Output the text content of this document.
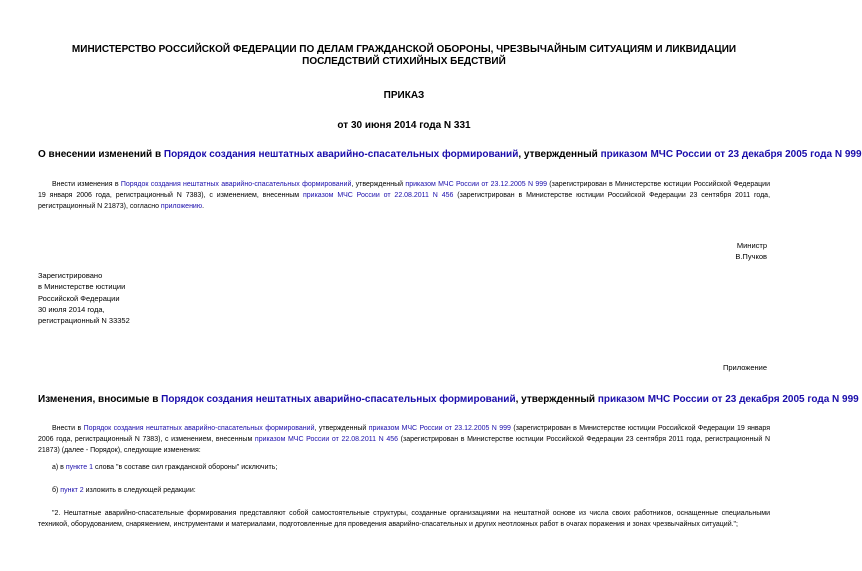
МИНИСТЕРСТВО РОССИЙСКОЙ ФЕДЕРАЦИИ ПО ДЕЛАМ ГРАЖДАНСКОЙ ОБОРОНЫ, ЧРЕЗВЫЧАЙНЫМ СИТУАЦИЯМ И ЛИКВИДАЦИИ ПОСЛЕДСТВИЙ СТИХИЙНЫХ БЕДСТВИЙ
ПРИКАЗ
от 30 июня 2014 года N 331
О внесении изменений в Порядок создания нештатных аварийно-спасательных формирований, утвержденный приказом МЧС России от 23 декабря 2005 года N 999
Внести изменения в Порядок создания нештатных аварийно-спасательных формирований, утвержденный приказом МЧС России от 23.12.2005 N 999 (зарегистрирован в Министерстве юстиции Российской Федерации 19 января 2006 года, регистрационный N 7383), с изменением, внесенным приказом МЧС России от 22.08.2011 N 456 (зарегистрирован в Министерстве юстиции Российской Федерации 23 сентября 2011 года, регистрационный N 21873), согласно приложению.
Министр
В.Пучков
Зарегистрировано
в Министерстве юстиции
Российской Федерации
30 июля 2014 года,
регистрационный N 33352
Приложение
Изменения, вносимые в Порядок создания нештатных аварийно-спасательных формирований, утвержденный приказом МЧС России от 23 декабря 2005 года N 999
Внести в Порядок создания нештатных аварийно-спасательных формирований, утвержденный приказом МЧС России от 23.12.2005 N 999 (зарегистрирован в Министерстве юстиции Российской Федерации 19 января 2006 года, регистрационный N 7383), с изменением, внесенным приказом МЧС России от 22.08.2011 N 456 (зарегистрирован в Министерстве юстиции Российской Федерации 23 сентября 2011 года, регистрационный N 21873) (далее - Порядок), следующие изменения:
а) в пункте 1 слова "в составе сил гражданской обороны" исключить;
б) пункт 2 изложить в следующей редакции:
"2. Нештатные аварийно-спасательные формирования представляют собой самостоятельные структуры, созданные организациями на нештатной основе из числа своих работников, оснащенные специальными техникой, оборудованием, снаряжением, инструментами и материалами, подготовленные для проведения аварийно-спасательных и других неотложных работ в очагах поражения и зонах чрезвычайных ситуаций.";
